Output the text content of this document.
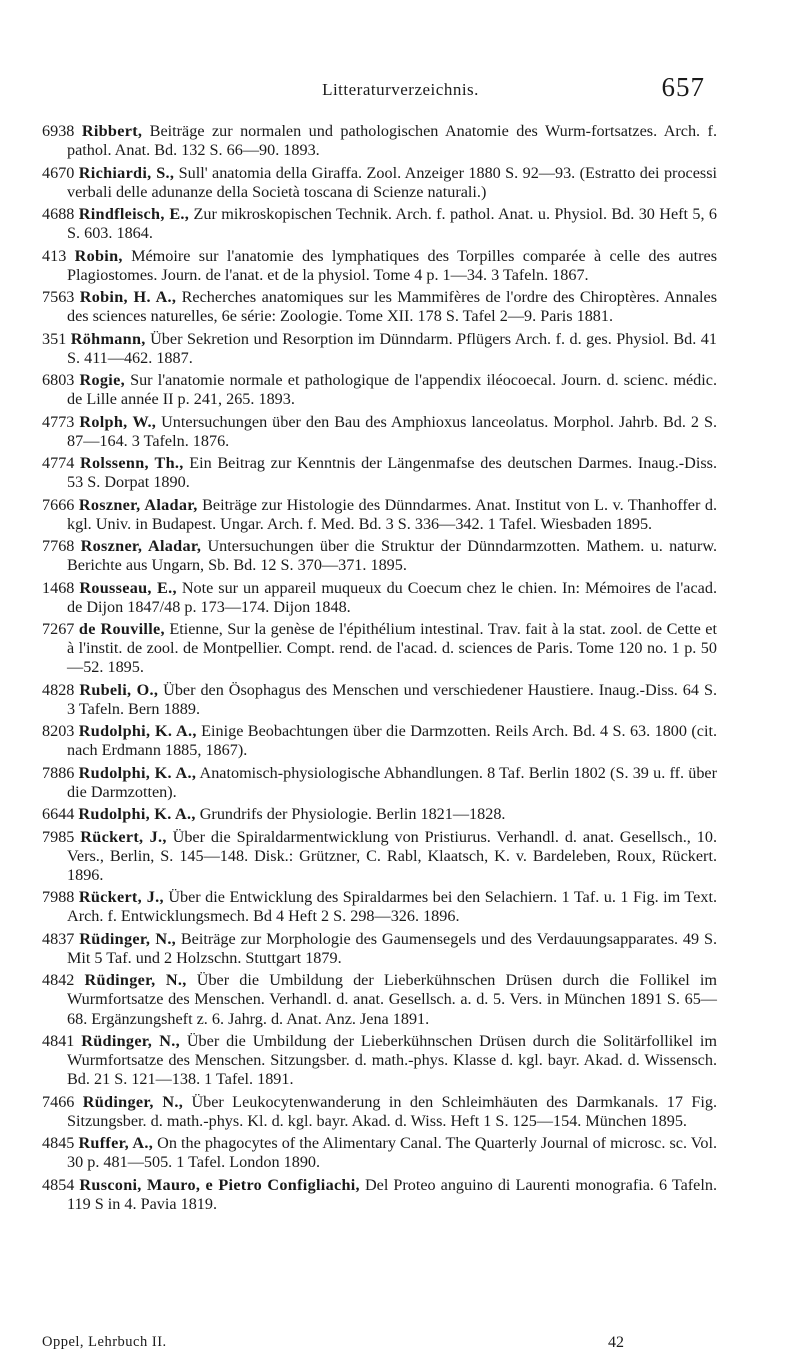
Litteraturverzeichnis.	657

6938 Ribbert, Beiträge zur normalen und pathologischen Anatomie des Wurm-fortsatzes. Arch. f. pathol. Anat. Bd. 132 S. 66—90. 1893.

4670 Richiardi, S., Sull' anatomia della Giraffa. Zool. Anzeiger 1880 S. 92—93. (Estratto dei processi verbali delle adunanze della Società toscana di Scienze naturali.)

4688 Rindfleisch, E., Zur mikroskopischen Technik. Arch. f. pathol. Anat. u. Physiol. Bd. 30 Heft 5, 6 S. 603. 1864.

413 Robin, Mémoire sur l'anatomie des lymphatiques des Torpilles comparée à celle des autres Plagiostomes. Journ. de l'anat. et de la physiol. Tome 4 p. 1—34. 3 Tafeln. 1867.

7563 Robin, H. A., Recherches anatomiques sur les Mammifères de l'ordre des Chiroptères. Annales des sciences naturelles, 6e série: Zoologie. Tome XII. 178 S. Tafel 2—9. Paris 1881.

351 Röhmann, Über Sekretion und Resorption im Dünndarm. Pflügers Arch. f. d. ges. Physiol. Bd. 41 S. 411—462. 1887.

6803 Rogie, Sur l'anatomie normale et pathologique de l'appendix iléocoecal. Journ. d. scienc. médic. de Lille année II p. 241, 265. 1893.

4773 Rolph, W., Untersuchungen über den Bau des Amphioxus lanceolatus. Morphol. Jahrb. Bd. 2 S. 87—164. 3 Tafeln. 1876.

4774 Rolssenn, Th., Ein Beitrag zur Kenntnis der Längenmafse des deutschen Darmes. Inaug.-Diss. 53 S. Dorpat 1890.

7666 Roszner, Aladar, Beiträge zur Histologie des Dünndarmes. Anat. Institut von L. v. Thanhoffer d. kgl. Univ. in Budapest. Ungar. Arch. f. Med. Bd. 3 S. 336—342. 1 Tafel. Wiesbaden 1895.

7768 Roszner, Aladar, Untersuchungen über die Struktur der Dünndarmzotten. Mathem. u. naturw. Berichte aus Ungarn, Sb. Bd. 12 S. 370—371. 1895.

1468 Rousseau, E., Note sur un appareil muqueux du Coecum chez le chien. In: Mémoires de l'acad. de Dijon 1847/48 p. 173—174. Dijon 1848.

7267 de Rouville, Etienne, Sur la genèse de l'épithélium intestinal. Trav. fait à la stat. zool. de Cette et à l'instit. de zool. de Montpellier. Compt. rend. de l'acad. d. sciences de Paris. Tome 120 no. 1 p. 50—52. 1895.

4828 Rubeli, O., Über den Ösophagus des Menschen und verschiedener Haustiere. Inaug.-Diss. 64 S. 3 Tafeln. Bern 1889.

8203 Rudolphi, K. A., Einige Beobachtungen über die Darmzotten. Reils Arch. Bd. 4 S. 63. 1800 (cit. nach Erdmann 1885, 1867).

7886 Rudolphi, K. A., Anatomisch-physiologische Abhandlungen. 8 Taf. Berlin 1802 (S. 39 u. ff. über die Darmzotten).

6644 Rudolphi, K. A., Grundrifs der Physiologie. Berlin 1821—1828.

7985 Rückert, J., Über die Spiraldarmentwicklung von Pristiurus. Verhandl. d. anat. Gesellsch., 10. Vers., Berlin, S. 145—148. Disk.: Grützner, C. Rabl, Klaatsch, K. v. Bardeleben, Roux, Rückert. 1896.

7988 Rückert, J., Über die Entwicklung des Spiraldarmes bei den Selachiern. 1 Taf. u. 1 Fig. im Text. Arch. f. Entwicklungsmech. Bd 4 Heft 2 S. 298—326. 1896.

4837 Rüdinger, N., Beiträge zur Morphologie des Gaumensegels und des Verdauungsapparates. 49 S. Mit 5 Taf. und 2 Holzschn. Stuttgart 1879.

4842 Rüdinger, N., Über die Umbildung der Lieberkühnschen Drüsen durch die Follikel im Wurmfortsatze des Menschen. Verhandl. d. anat. Gesellsch. a. d. 5. Vers. in München 1891 S. 65—68. Ergänzungsheft z. 6. Jahrg. d. Anat. Anz. Jena 1891.

4841 Rüdinger, N., Über die Umbildung der Lieberkühnschen Drüsen durch die Solitärfollikel im Wurmfortsatze des Menschen. Sitzungsber. d. math.-phys. Klasse d. kgl. bayr. Akad. d. Wissensch. Bd. 21 S. 121—138. 1 Tafel. 1891.

7466 Rüdinger, N., Über Leukocytenwanderung in den Schleimhäuten des Darmkanals. 17 Fig. Sitzungsber. d. math.-phys. Kl. d. kgl. bayr. Akad. d. Wiss. Heft 1 S. 125—154. München 1895.

4845 Ruffer, A., On the phagocytes of the Alimentary Canal. The Quarterly Journal of microsc. sc. Vol. 30 p. 481—505. 1 Tafel. London 1890.

4854 Rusconi, Mauro, e Pietro Configliachi, Del Proteo anguino di Laurenti monografia. 6 Tafeln. 119 S in 4. Pavia 1819.

Oppel, Lehrbuch II.	42
